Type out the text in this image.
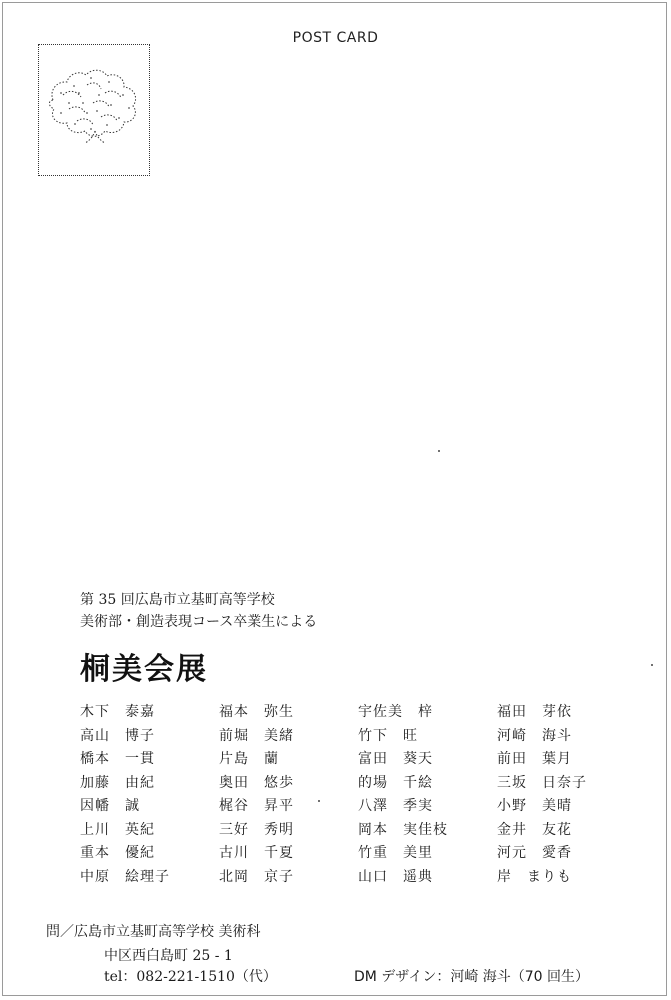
POST CARD
第 35 回広島市立基町高等学校
美術部・創造表現コース卒業生による
桐美会展
木下　泰嘉	福本　弥生	宇佐美　梓	福田　芽依
高山　博子	前堀　美緒	竹下　旺	河崎　海斗
橋本　一貫	片島　蘭	富田　葵天	前田　葉月
加藤　由紀	奥田　悠歩	的場　千絵	三坂　日奈子
因幡　誠	梶谷　昇平	八澤　季実	小野　美晴
上川　英紀	三好　秀明	岡本　実佳枝	金井　友花
重本　優紀	古川　千夏	竹重　美里	河元　愛香
中原　絵理子	北岡　京子	山口　遥典	岸　まりも
問／広島市立基町高等学校 美術科
中区西白島町 25 - 1
tel：082-221-1510（代）	DM デザイン：河崎 海斗（70 回生）
